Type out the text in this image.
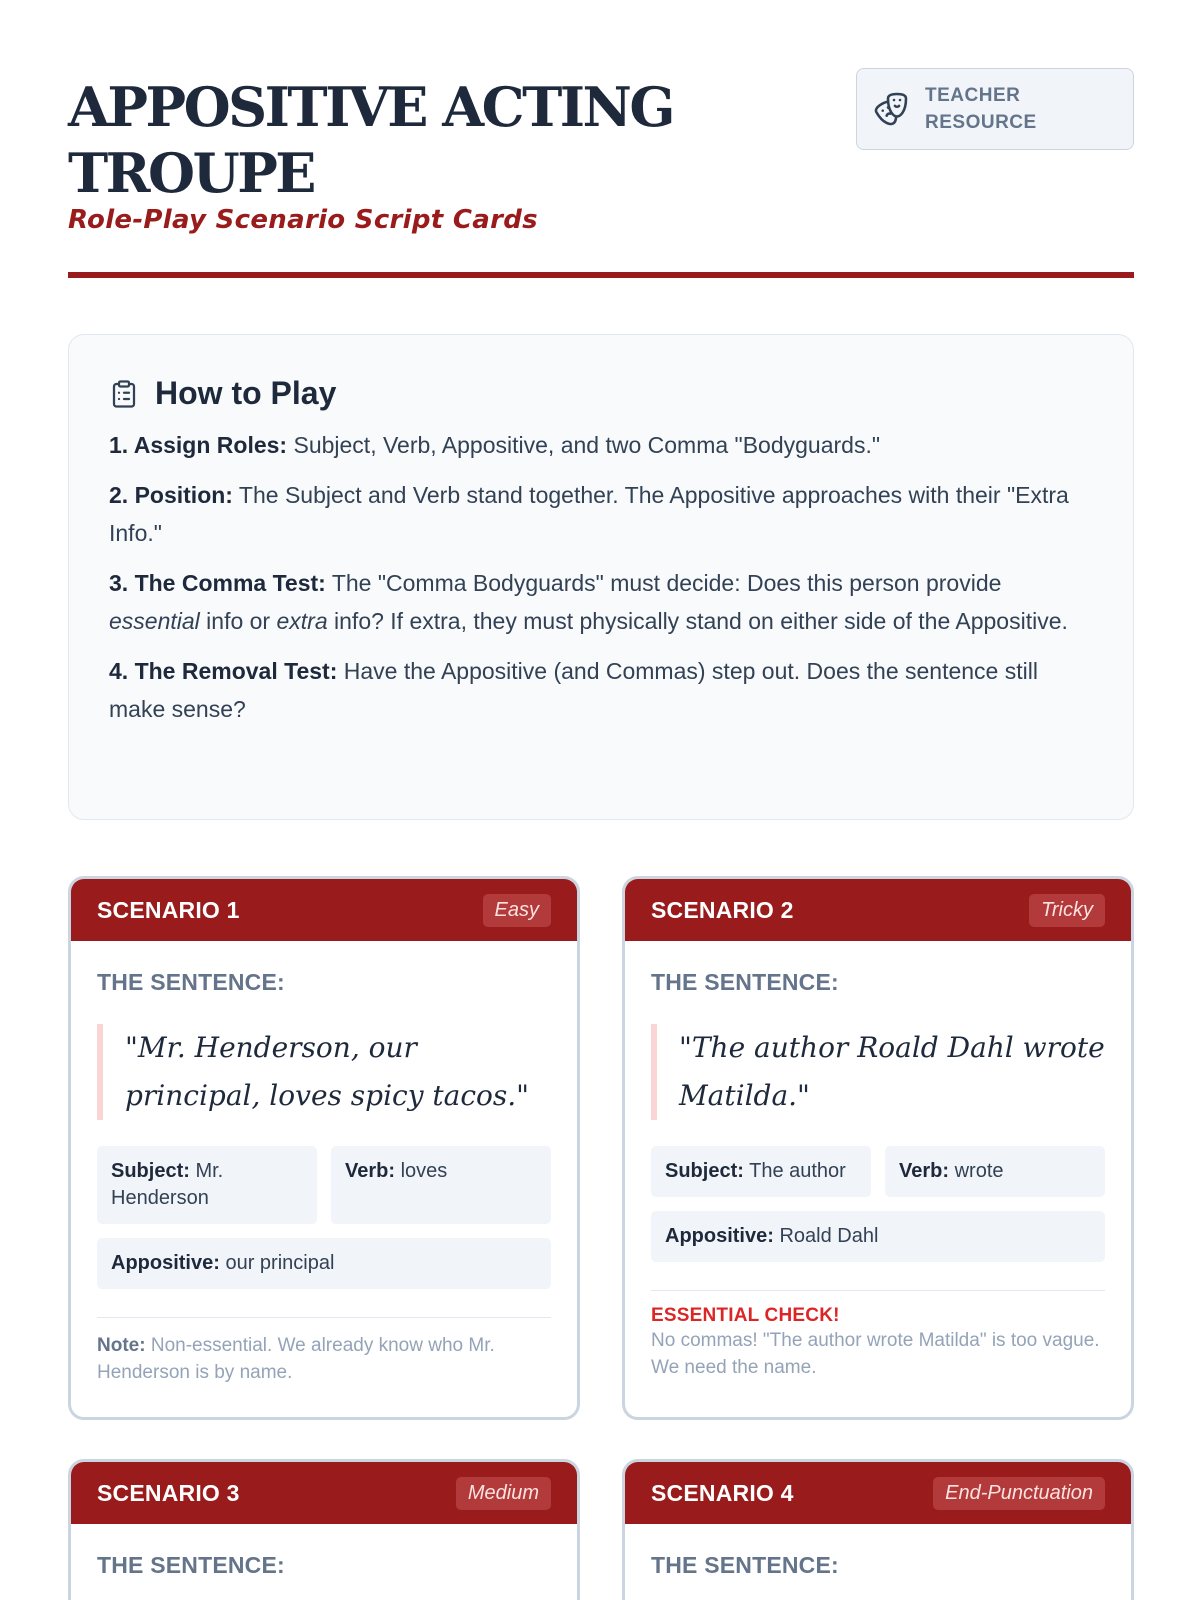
APPOSITIVE ACTING TROUPE
Role-Play Scenario Script Cards
TEACHER RESOURCE
How to Play

1. Assign Roles: Subject, Verb, Appositive, and two Comma "Bodyguards."

2. Position: The Subject and Verb stand together. The Appositive approaches with their "Extra Info."

3. The Comma Test: The "Comma Bodyguards" must decide: Does this person provide essential info or extra info? If extra, they must physically stand on either side of the Appositive.

4. The Removal Test: Have the Appositive (and Commas) step out. Does the sentence still make sense?

SCENARIO 1	Easy
THE SENTENCE:
"Mr. Henderson, our principal, loves spicy tacos."
Subject: Mr. Henderson
Verb: loves
Appositive: our principal

Note: Non-essential. We already know who Mr. Henderson is by name.

SCENARIO 2	Tricky
THE SENTENCE:
"The author Roald Dahl wrote Matilda."
Subject: The author	Verb: wrote
Appositive: Roald Dahl
ESSENTIAL CHECK!

No commas! "The author wrote Matilda" is too vague. We need the name.

SCENARIO 3	Medium
THE SENTENCE:
SCENARIO 4	End-Punctuation
THE SENTENCE:
